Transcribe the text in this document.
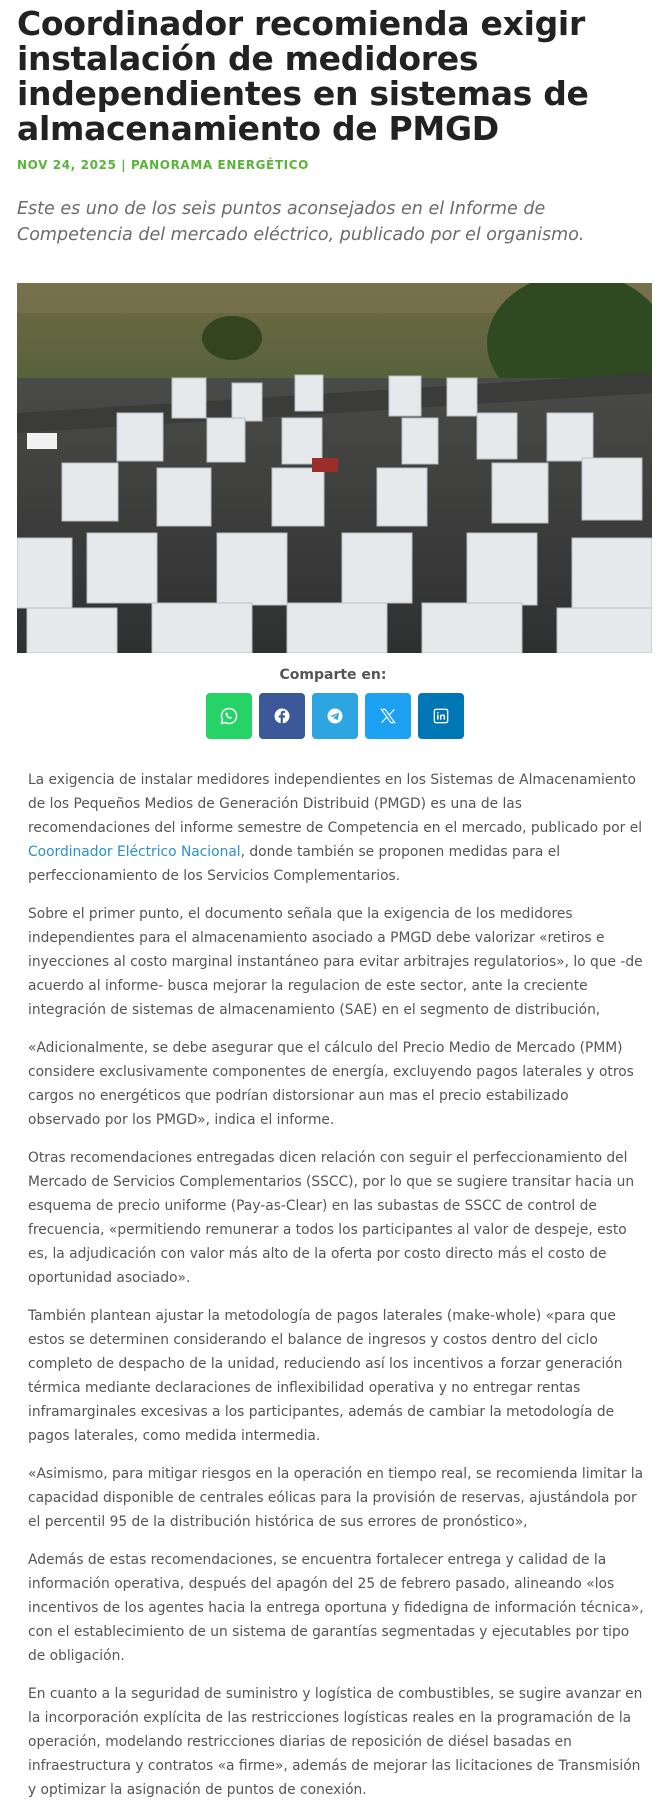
Coordinador recomienda exigir instalación de medidores independientes en sistemas de almacenamiento de PMGD
NOV 24, 2025 | PANORAMA ENERGÉTICO

Este es uno de los seis puntos aconsejados en el Informe de Competencia del mercado eléctrico, publicado por el organismo.

Comparte en:

La exigencia de instalar medidores independientes en los Sistemas de Almacenamiento de los Pequeños Medios de Generación Distribuid (PMGD) es una de las recomendaciones del informe semestre de Competencia en el mercado, publicado por el Coordinador Eléctrico Nacional, donde también se proponen medidas para el perfeccionamiento de los Servicios Complementarios.

Sobre el primer punto, el documento señala que la exigencia de los medidores independientes para el almacenamiento asociado a PMGD debe valorizar «retiros e inyecciones al costo marginal instantáneo para evitar arbitrajes regulatorios», lo que -de acuerdo al informe- busca mejorar la regulacion de este sector, ante la creciente integración de sistemas de almacenamiento (SAE) en el segmento de distribución,

«Adicionalmente, se debe asegurar que el cálculo del Precio Medio de Mercado (PMM) considere exclusivamente componentes de energía, excluyendo pagos laterales y otros cargos no energéticos que podrían distorsionar aun mas el precio estabilizado observado por los PMGD», indica el informe.

Otras recomendaciones entregadas dicen relación con seguir el perfeccionamiento del Mercado de Servicios Complementarios (SSCC), por lo que se sugiere transitar hacia un esquema de precio uniforme (Pay-as-Clear) en las subastas de SSCC de control de frecuencia, «permitiendo remunerar a todos los participantes al valor de despeje, esto es, la adjudicación con valor más alto de la oferta por costo directo más el costo de oportunidad asociado».

También plantean ajustar la metodología de pagos laterales (make-whole) «para que estos se determinen considerando el balance de ingresos y costos dentro del ciclo completo de despacho de la unidad, reduciendo así los incentivos a forzar generación térmica mediante declaraciones de inflexibilidad operativa y no entregar rentas inframarginales excesivas a los participantes, además de cambiar la metodología de pagos laterales, como medida intermedia.

«Asimismo, para mitigar riesgos en la operación en tiempo real, se recomienda limitar la capacidad disponible de centrales eólicas para la provisión de reservas, ajustándola por el percentil 95 de la distribución histórica de sus errores de pronóstico»,

Además de estas recomendaciones, se encuentra fortalecer entrega y calidad de la información operativa, después del apagón del 25 de febrero pasado, alineando «los incentivos de los agentes hacia la entrega oportuna y fidedigna de información técnica», con el establecimiento de un sistema de garantías segmentadas y ejecutables por tipo de obligación.

En cuanto a la seguridad de suministro y logística de combustibles, se sugire avanzar en la incorporación explícita de las restricciones logísticas reales en la programación de la operación, modelando restricciones diarias de reposición de diésel basadas en infraestructura y contratos «a firme», además de mejorar las licitaciones de Transmisión y optimizar la asignación de puntos de conexión.
